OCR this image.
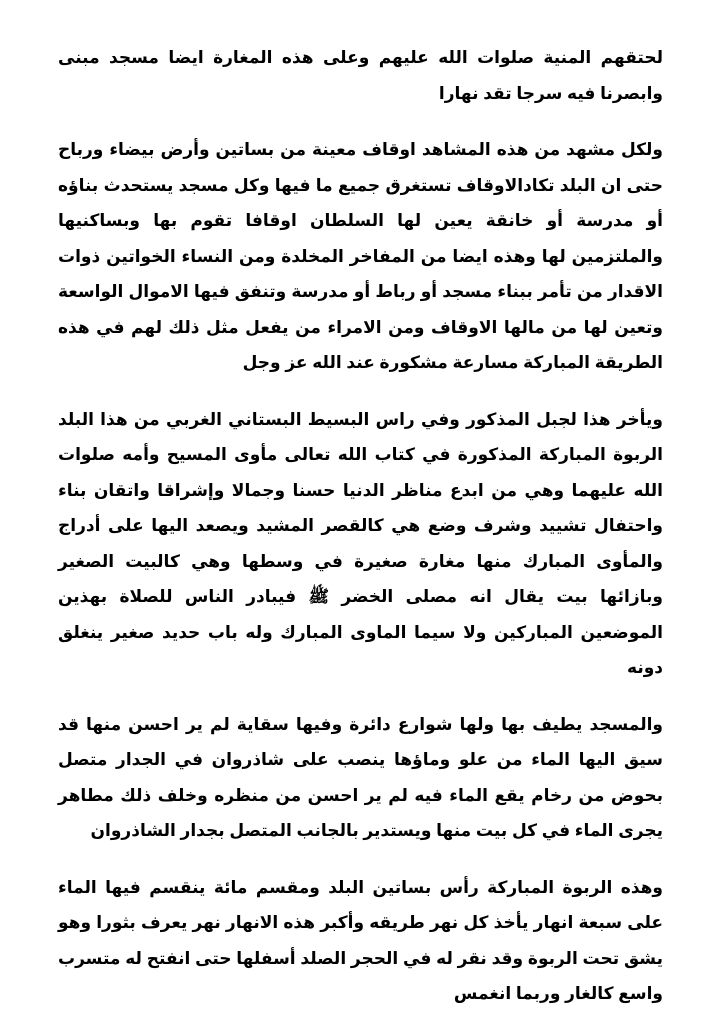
لحتقهم المنية صلوات الله عليهم وعلى هذه المغارة ايضا مسجد مبنى وابصرنا فيه سرجا تقد نهارا

ولكل مشهد من هذه المشاهد اوقاف معينة من بساتين وأرض بيضاء ورباح حتى ان البلد تكادالاوقاف تستغرق جميع ما فيها وكل مسجد يستحدث بناؤه أو مدرسة أو خانقة يعين لها السلطان اوقافا تقوم بها وبساكنيها والملتزمين لها وهذه ايضا من المفاخر المخلدة ومن النساء الخواتين ذوات الاقدار من تأمر ببناء مسجد أو رباط أو مدرسة وتنفق فيها الاموال الواسعة وتعين لها من مالها الاوقاف ومن الامراء من يفعل مثل ذلك لهم في هذه الطريقة المباركة مسارعة مشكورة عند الله عز وجل

ويأخر هذا لجبل المذكور وفي راس البسيط البستاني الغربي من هذا البلد الربوة المباركة المذكورة في كتاب الله تعالى مأوى المسيح وأمه صلوات الله عليهما وهي من ابدع مناظر الدنيا حسنا وجمالا وإشراقا واتقان بناء واحتفال تشييد وشرف وضع هي كالقصر المشيد ويصعد اليها على أدراج والمأوى المبارك منها مغارة صغيرة في وسطها وهي كالبيت الصغير وبازائها بيت يقال انه مصلى الخضر ﷺ فيبادر الناس للصلاة بهذين الموضعين المباركين ولا سيما الماوى المبارك وله باب حديد صغير ينغلق دونه

والمسجد يطيف بها ولها شوارع دائرة وفيها سقاية لم ير احسن منها قد سيق اليها الماء من علو وماؤها ينصب على شاذروان في الجدار متصل بحوض من رخام يقع الماء فيه لم ير احسن من منظره وخلف ذلك مطاهر يجرى الماء في كل بيت منها ويستدير بالجانب المتصل بجدار الشاذروان

وهذه الربوة المباركة رأس بساتين البلد ومقسم مائة ينقسم فيها الماء على سبعة انهار يأخذ كل نهر طريقه وأكبر هذه الانهار نهر يعرف بثورا وهو يشق تحت الربوة وقد نقر له في الحجر الصلد أسفلها حتى انفتح له متسرب واسع كالغار وربما انغمس
